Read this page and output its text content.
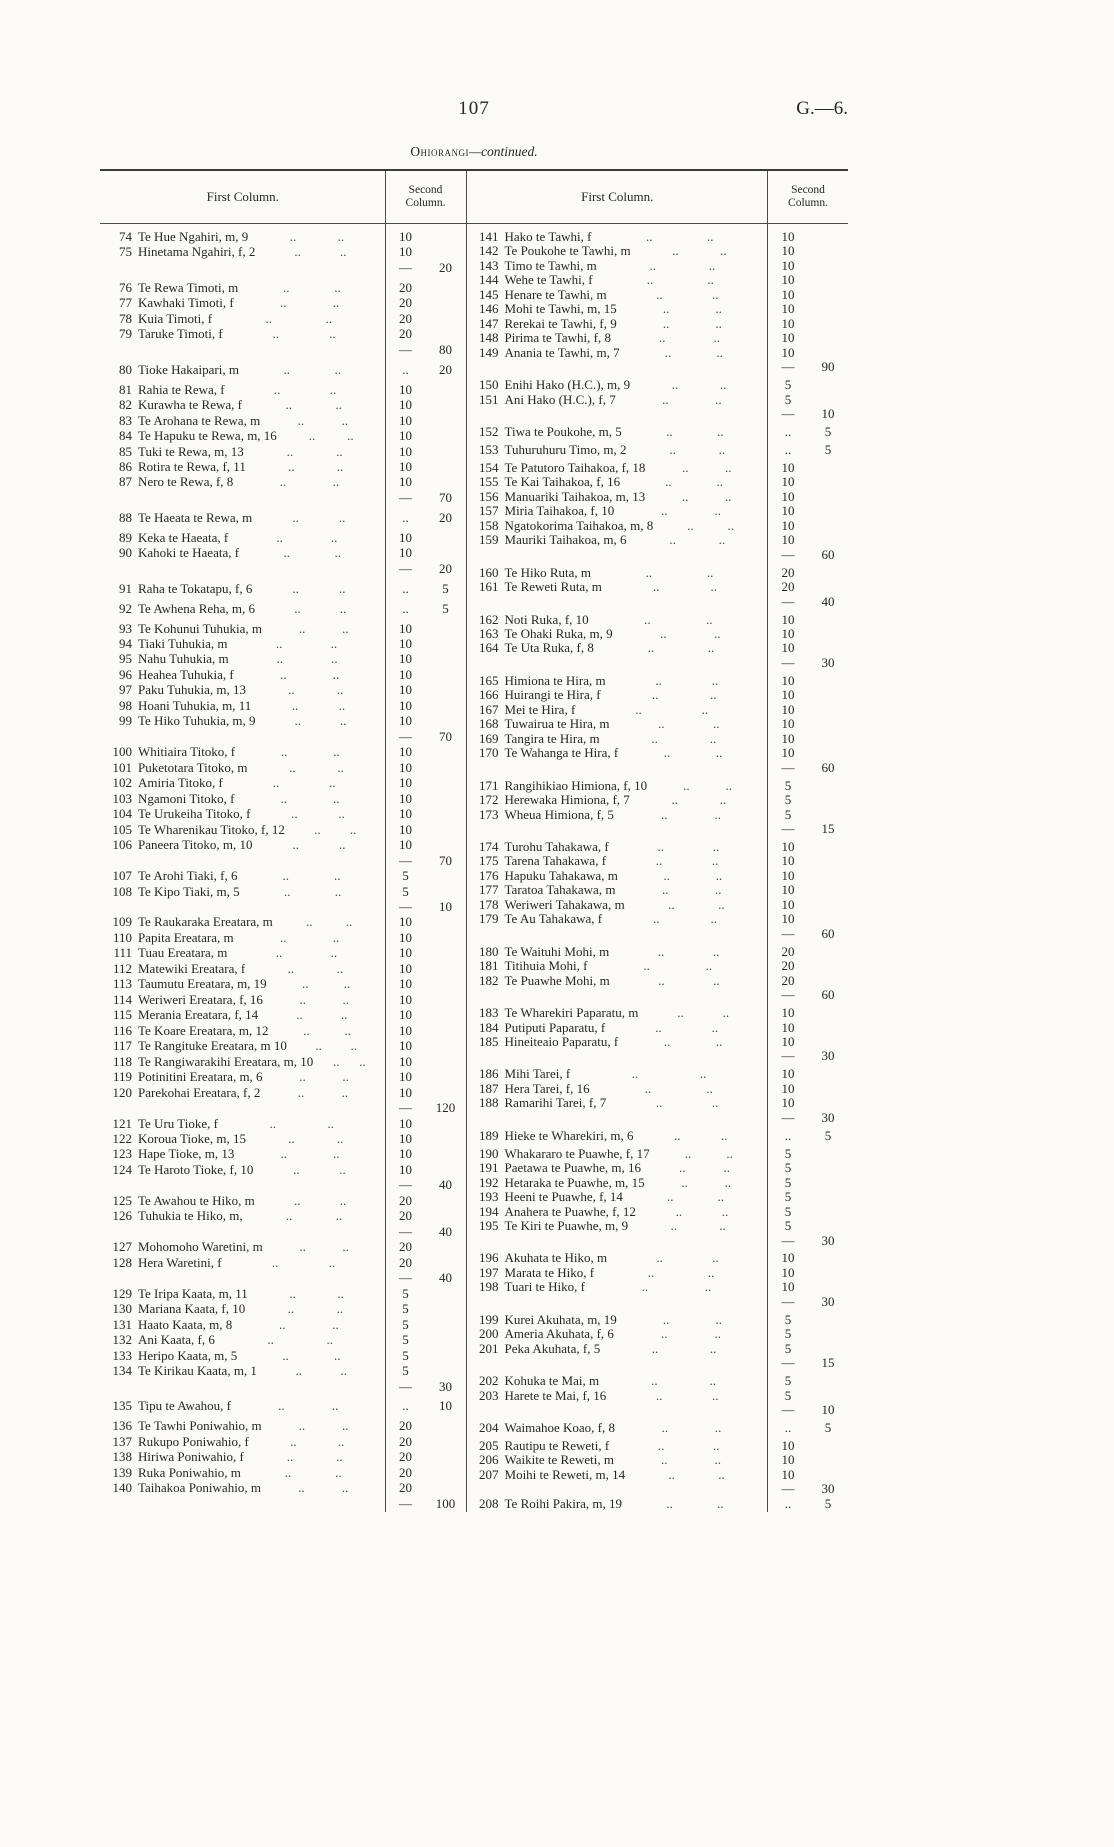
107	G.—6.
Ohiorangi—continued.
First Column.	Second
Column.
74 Te Hue Ngahiri, m, 9	..	..	10
75 Hinetama Ngahiri, f, 2	..	..	10
—	20
76 Te Rewa Timoti, m	..	..	20
77 Kawhaki Timoti, f	..	..	20
78 Kuia Timoti, f	..	..	20
79 Taruke Timoti, f	..	..	20
—	80
80 Tioke Hakaipari, m	..	..	..	20
81 Rahia te Rewa, f	..	..	10
82 Kurawha te Rewa, f	..	..	10
83 Te Arohana te Rewa, m	..	..	10
84 Te Hapuku te Rewa, m, 16 .. ..	10
85 Tuki te Rewa, m, 13	..	..	10
86 Rotira te Rewa, f, 11	..	..	10
87 Nero te Rewa, f, 8	..	..	10
—	70
88 Te Haeata te Rewa, m	..	..	..	20
89 Keka te Haeata, f	..	..	10
90 Kahoki te Haeata, f	..	..	10
—	20
91 Raha te Tokatapu, f, 6	..	..	..	5
92 Te Awhena Reha, m, 6	..	..	..	5
93 Te Kohunui Tuhukia, m	..	..	10
94 Tiaki Tuhukia, m	..	..	10
95 Nahu Tuhukia, m	..	..	10
96 Heahea Tuhukia, f	..	..	10
97 Paku Tuhukia, m, 13	..	..	10
98 Hoani Tuhukia, m, 11	..	..	10
99 Te Hiko Tuhukia, m, 9	..	..	10
—	70
100 Whitiaira Titoko, f	..	..	10
101 Puketotara Titoko, m	..	..	10
102 Amiria Titoko, f	..	..	10
103 Ngamoni Titoko, f	..	..	10
104 Te Urukeiha Titoko, f	..	..	10
105 Te Wharenikau Titoko, f, 12 .. ..	10
106 Paneera Titoko, m, 10	..	..	10
—	70
107 Te Arohi Tiaki, f, 6	..	..	5
108 Te Kipo Tiaki, m, 5	..	..	5
—	10
109 Te Raukaraka Ereatara, m	..	..	10
110 Papita Ereatara, m	..	..	10
111 Tuau Ereatara, m	..	..	10
112 Matewiki Ereatara, f	..	..	10
113 Taumutu Ereatara, m, 19	..	..	10
114 Weriweri Ereatara, f, 16	..	..	10
115 Merania Ereatara, f, 14	..	..	10
116 Te Koare Ereatara, m, 12	..	..	10
117 Te Rangituke Ereatara, m 10 .. ..	10
118 Te Rangiwarakihi Ereatara, m, 10 .. ..	10
119 Potinitini Ereatara, m, 6	..	..	10
120 Parekohai Ereatara, f, 2	..	..	10
—	120
121 Te Uru Tioke, f	..	..	10
122 Koroua Tioke, m, 15	..	..	10
123 Hape Tioke, m, 13	..	..	10
124 Te Haroto Tioke, f, 10	..	..	10
—	40
125 Te Awahou te Hiko, m	..	..	20
126 Tuhukia te Hiko, m,	..	..	20
—	40
127 Mohomoho Waretini, m	..	..	20
128 Hera Waretini, f	..	..	20
—	40
129 Te Iripa Kaata, m, 11	..	..	5
130 Mariana Kaata, f, 10	..	..	5
131 Haato Kaata, m, 8	..	..	5
132 Ani Kaata, f, 6	..	..	5
133 Heripo Kaata, m, 5	..	..	5
134 Te Kirikau Kaata, m, 1	..	..	5
—	30
135 Tipu te Awahou, f	..	..	..	10
136 Te Tawhi Poniwahio, m	..	..	20
137 Rukupo Poniwahio, f	..	..	20
138 Hiriwa Poniwahio, f	..	..	20
139 Ruka Poniwahio, m	..	..	20
140 Taihakoa Poniwahio, m	..	..	20
—	100
First Column.	Second
Column.
141 Hako te Tawhi, f	..	..	10
142 Te Poukohe te Tawhi, m	..	..	10
143 Timo te Tawhi, m	..	..	10
144 Wehe te Tawhi, f	..	..	10
145 Henare te Tawhi, m	..	..	10
146 Mohi te Tawhi, m, 15	..	..	10
147 Rerekai te Tawhi, f, 9	..	..	10
148 Pirima te Tawhi, f, 8	..	..	10
149 Anania te Tawhi, m, 7	..	..	10
—	90
150 Enihi Hako (H.C.), m, 9	..	..	5
151 Ani Hako (H.C.), f, 7	..	..	5
—	10
152 Tiwa te Poukohe, m, 5	..	..	..	5
153 Tuhuruhuru Timo, m, 2	..	..	..	5
154 Te Patutoro Taihakoa, f, 18	..	..	10
155 Te Kai Taihakoa, f, 16	..	..	10
156 Manuariki Taihakoa, m, 13	..	..	10
157 Miria Taihakoa, f, 10	..	..	10
158 Ngatokorima Taihakoa, m, 8	..	..	10
159 Mauriki Taihakoa, m, 6	..	..	10
—	60
160 Te Hiko Ruta, m	..	..	20
161 Te Reweti Ruta, m	..	..	20
—	40
162 Noti Ruka, f, 10	..	..	10
163 Te Ohaki Ruka, m, 9	..	..	10
164 Te Uta Ruka, f, 8	..	..	10
—	30
165 Himiona te Hira, m	..	..	10
166 Huirangi te Hira, f	..	..	10
167 Mei te Hira, f	..	..	10
168 Tuwairua te Hira, m	..	..	10
169 Tangira te Hira, m	..	..	10
170 Te Wahanga te Hira, f	..	..	10
—	60
171 Rangihikiao Himiona, f, 10	..	..	5
172 Herewaka Himiona, f, 7	..	..	5
173 Wheua Himiona, f, 5	..	..	5
—	15
174 Turohu Tahakawa, f	..	..	10
175 Tarena Tahakawa, f	..	..	10
176 Hapuku Tahakawa, m	..	..	10
177 Taratoa Tahakawa, m	..	..	10
178 Weriweri Tahakawa, m	..	..	10
179 Te Au Tahakawa, f	..	..	10
—	60
180 Te Waituhi Mohi, m	..	..	20
181 Titihuia Mohi, f	..	..	20
182 Te Puawhe Mohi, m	..	..	20
—	60
183 Te Wharekiri Paparatu, m	..	..	10
184 Putiputi Paparatu, f	..	..	10
185 Hineiteaio Paparatu, f	..	..	10
—	30
186 Mihi Tarei, f	..	..	10
187 Hera Tarei, f, 16	..	..	10
188 Ramarihi Tarei, f, 7	..	..	10
—	30
189 Hieke te Wharekiri, m, 6	..	..	..	5
190 Whakararo te Puawhe, f, 17	..	..	5
191 Paetawa te Puawhe, m, 16	..	..	5
192 Hetaraka te Puawhe, m, 15	..	..	5
193 Heeni te Puawhe, f, 14	..	..	5
194 Anahera te Puawhe, f, 12	..	..	5
195 Te Kiri te Puawhe, m, 9	..	..	5
—	30
196 Akuhata te Hiko, m	..	..	10
197 Marata te Hiko, f	..	..	10
198 Tuari te Hiko, f	..	..	10
—	30
199 Kurei Akuhata, m, 19	..	..	5
200 Ameria Akuhata, f, 6	..	..	5
201 Peka Akuhata, f, 5	..	..	5
—	15
202 Kohuka te Mai, m	..	..	5
203 Harete te Mai, f, 16	..	..	5
—	10
204 Waimahoe Koao, f, 8	..	..	..	5
205 Rautipu te Reweti, f	..	..	10
206 Waikite te Reweti, m	..	..	10
207 Moihi te Reweti, m, 14	..	..	10
—	30
208 Te Roihi Pakira, m, 19	..	..	..	5
